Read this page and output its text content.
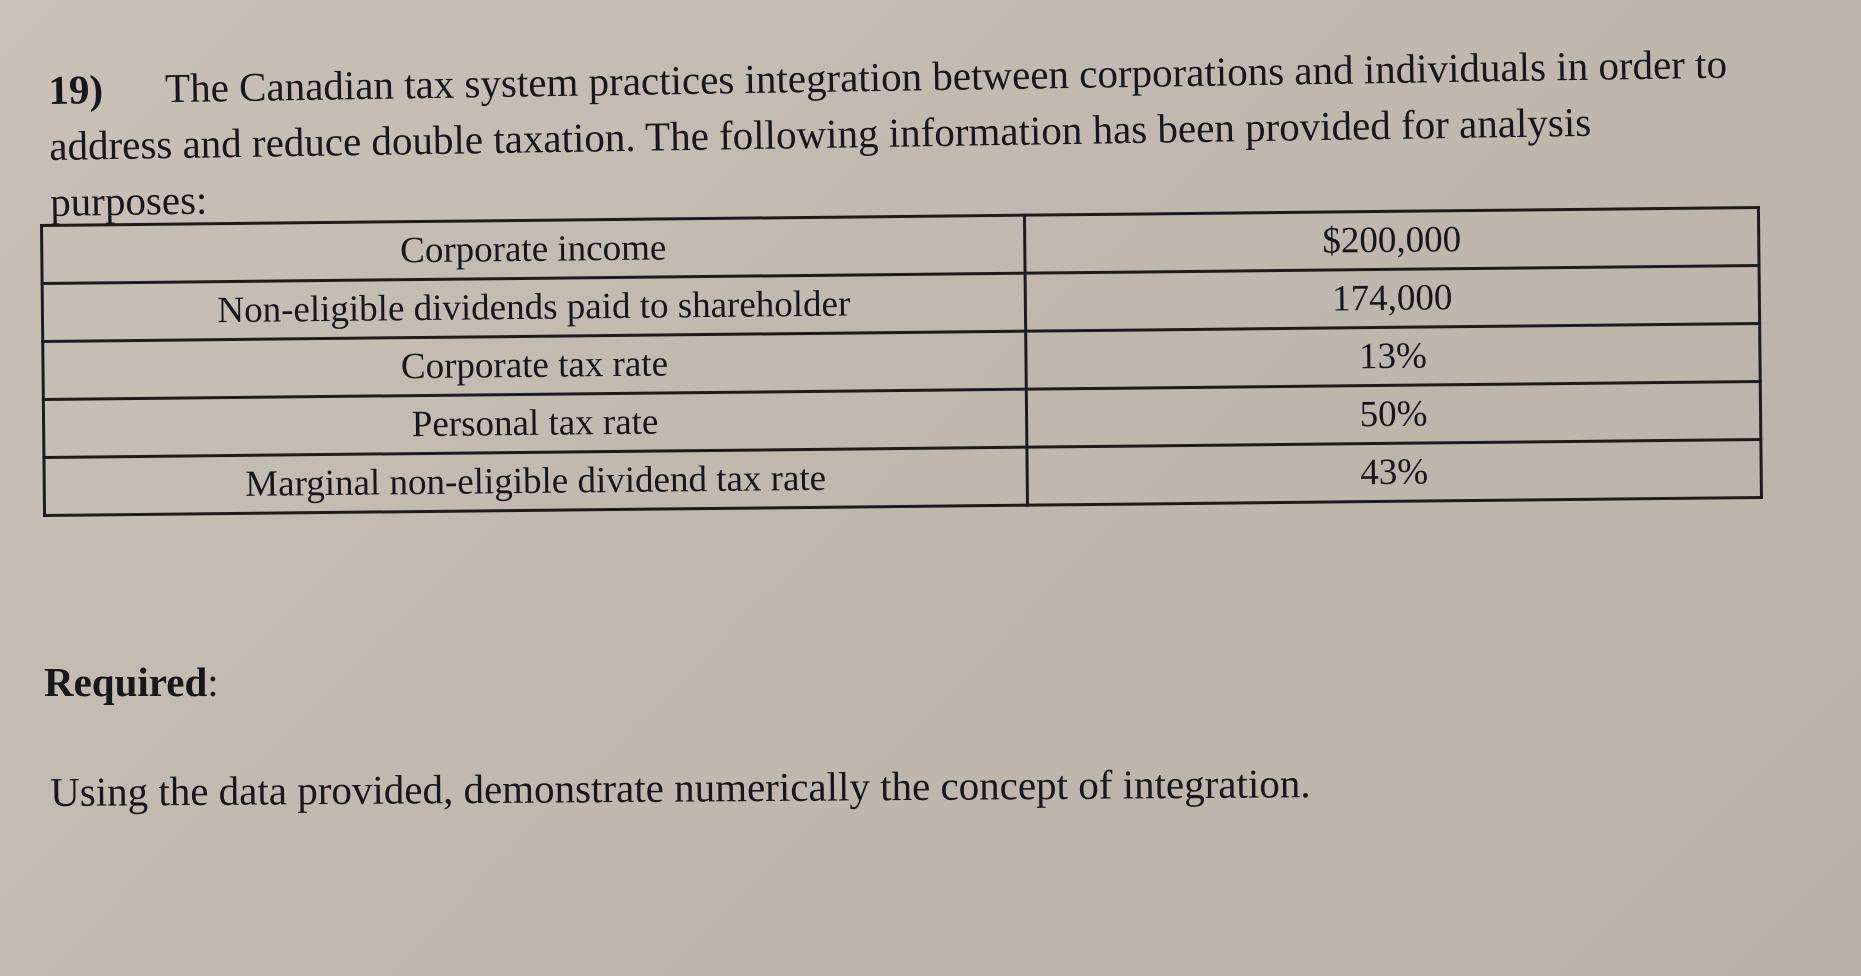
19) The Canadian tax system practices integration between corporations and individuals in order to address and reduce double taxation. The following information has been provided for analysis purposes:
Corporate income	$200,000
Non-eligible dividends paid to shareholder	174,000
Corporate tax rate	13%
Personal tax rate	50%
Marginal non-eligible dividend tax rate	43%
Required:
Using the data provided, demonstrate numerically the concept of integration.
